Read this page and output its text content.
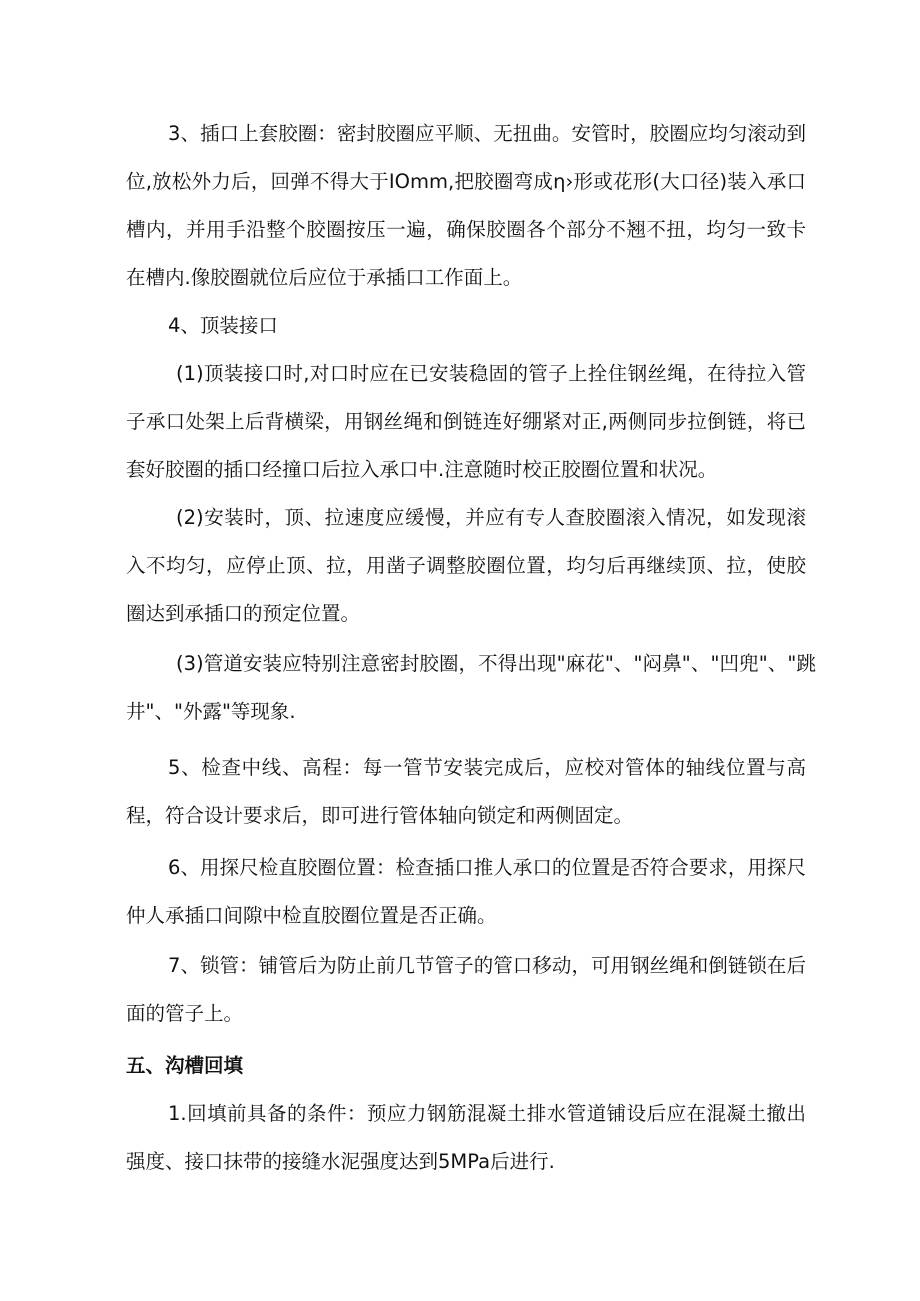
3、插口上套胶圈：密封胶圈应平顺、无扭曲。安管时，胶圈应均匀滚动到位,放松外力后，回弹不得大于IOmm,把胶圈弯成η›形或花形(大口径)装入承口槽内，并用手沿整个胶圈按压一遍，确保胶圈各个部分不翘不扭，均匀一致卡在槽内.像胶圈就位后应位于承插口工作面上。

4、顶装接口

(1)顶装接口时,对口时应在已安装稳固的管子上拴住钢丝绳，在待拉入管子承口处架上后背横梁，用钢丝绳和倒链连好绷紧对正,两侧同步拉倒链，将已套好胶圈的插口经撞口后拉入承口中.注意随时校正胶圈位置和状况。

(2)安装时，顶、拉速度应缓慢，并应有专人查胶圈滚入情况，如发现滚入不均匀，应停止顶、拉，用凿子调整胶圈位置，均匀后再继续顶、拉，使胶圈达到承插口的预定位置。

(3)管道安装应特别注意密封胶圈，不得出现"麻花"、"闷鼻"、"凹兜"、"跳井"、"外露"等现象.

5、检查中线、高程：每一管节安装完成后，应校对管体的轴线位置与高程，符合设计要求后，即可进行管体轴向锁定和两侧固定。

6、用探尺检直胶圈位置：检查插口推人承口的位置是否符合要求，用探尺仲人承插口间隙中检直胶圈位置是否正确。

7、锁管：铺管后为防止前几节管子的管口移动，可用钢丝绳和倒链锁在后面的管子上。

五、沟槽回填

1.回填前具备的条件：预应力钢筋混凝土排水管道铺设后应在混凝土撤出强度、接口抹带的接缝水泥强度达到5MPa后进行.
